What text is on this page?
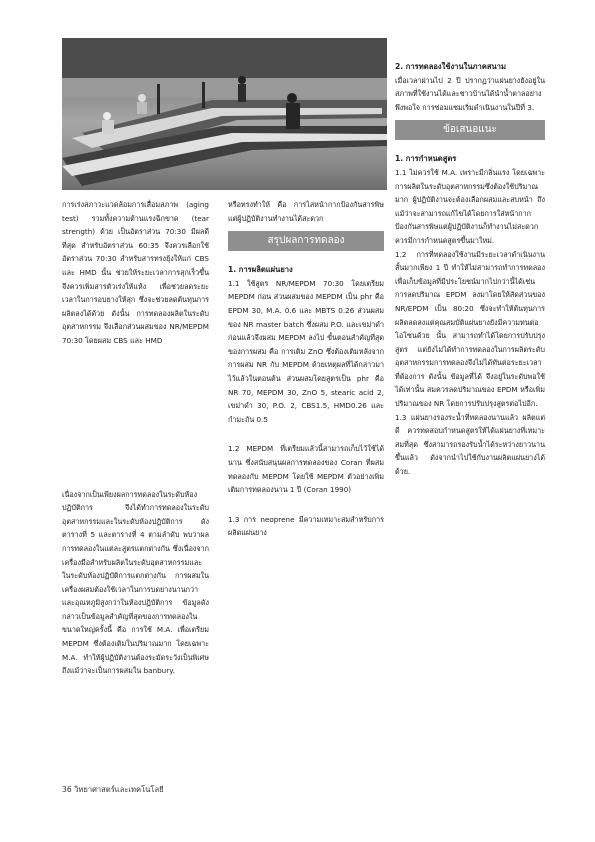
การเร่งสภาวะแวดล้อมการเสื่อมสภาพ (aging test) รวมทั้งความต้านแรงฉีกขาด (tear strength) ด้วย เป็นอัตราส่วน 70:30 มีผลดีที่สุด สำหรับอัตราส่วน 60:35 จึงควรเลือกใช้อัตราส่วน 70:30 สำหรับสารทรงยุ้งให้แก่ CBS และ HMD นั้น ช่วยให้ระยะเวลาการสุกเร็วขึ้น จึงควรเพิ่มสารตัวเร่งให้แห้ง เพื่อช่วยลดระยะเวลาในการอบยางให้สุก ซึ่งจะช่วยลดต้นทุนการผลิตลงได้ด้วย ดังนั้น การทดลองผลิตในระดับอุตสาหกรรม จึงเลือกส่วนผสมของ NR/MEPDM 70:30 โดยผสม CBS และ HMD

เนื่องจากเป็นเพียงผลการทดลองในระดับห้องปฏิบัติการ จึงได้ทำการทดลองในระดับอุตสาหกรรมและในระดับห้องปฏิบัติการ ดังตารางที่ 5 และตารางที่ 4 ตามลำดับ พบว่าผลการทดลองในแต่ละสูตรแตกต่างกัน ซึ่งเนื่องจากเครื่องมือสำหรับผลิตในระดับอุตสาหกรรมและในระดับห้องปฏิบัติการแตกต่างกัน การผสมในเครื่องผสมต้องใช้เวลาในการบดยางนานกว่า และอุณหภูมิสูงกว่าในห้องปฏิบัติการ ข้อมูลดังกล่าวเป็นข้อมูลสำคัญที่สุดของการทดลองในขนาดใหญ่ครั้งนี้ คือ การใช้ M.A. เพื่อเตรียม MEPDM ซึ่งต้องเติมในปริมาณมาก โดยเฉพาะ M.A. ทำให้ผู้ปฏิบัติงานต้องระมัดระวังเป็นพิเศษ ถึงแม้ว่าจะเป็นการผสมใน banbury.

หรือทรงทำให้ คือ การไล่หน้ากากป้องกันสารพิษ แต่ผู้ปฏิบัติงานทำงานได้สะดวก

สรุปผลการทดลอง

1. การผลิตแผ่นยาง

1.1 ใช้สูตร NR/MEPDM 70:30 โดยเตรียม MEPDM ก่อน ส่วนผสมของ MEPDM เป็น phr คือ EPDM 30, M.A. 0.6 และ MBTS 0.26 ส่วนผสมของ NR master batch ซึ่งผสม P.O. และเขม่าดำก่อนแล้วจึงผสม MEPDM ลงไป ขั้นตอนสำคัญที่สุดของการผสม คือ การเติม ZnO ซึ่งต้องเติมหลังจากการผสม NR กับ MEPDM ด้วยเหตุผลที่ได้กล่าวมาไว้แล้วในตอนต้น ส่วนผสมโดยสูตรเป็น phr คือ NR 70, MEPDM 30, ZnO 5, stearic acid 2, เขม่าดำ 30, P.O. 2, CBS1.5, HMD0.26 และกำมะถัน 0.5

1.2 MEPDM ที่เตรียมแล้วนี้สามารถเก็บไว้ใช้ได้นาน ซึ่งสนับสนุนผลการทดลองของ Coran ที่ผสมทดลองกับ MEPDM โดยใช้ MEPDM ตัวอย่างเพิ่มเติมการทดลองนาน 1 ปี (Coran 1990)

1.3 การ neoprene มีความเหมาะสมสำหรับการผลิตแผ่นยาง

2. การทดลองใช้งานในภาคสนาม

เมื่อเวลาผ่านไป 2 ปี ปรากฏว่าแผ่นยางยังอยู่ในสภาพที่ใช้งานได้และชาวบ้านได้นำน้ำตาลอย่างพึงพอใจ การซ่อมแซมเริ่มดำเนินงานในปีที่ 3.

ข้อเสนอแนะ

1. การกำหนดสูตร

1.1 ไม่ควรใช้ M.A. เพราะมีกลิ่นแรง โดยเฉพาะการผลิตในระดับอุตสาหกรรมซึ่งต้องใช้ปริมาณมาก ผู้ปฏิบัติงานจะต้องเลือกผสมและสบหน้า ถึงแม้ว่าจะสามารถแก้ไขได้โดยการใส่หน้ากากป้องกันสารพิษแต่ผู้ปฏิบัติงานก็ทำงานไม่สะดวก ควรมีการกำหนดสูตรขึ้นมาใหม่.

1.2 การที่ทดลองใช้งานมีระยะเวลาดำเนินงานสั้นมากเพียง 1 ปี ทำให้ไม่สามารถทำการทดลองเพื่อเก็บข้อมูลที่มีประโยชน์มากไปกว่านี้ได้เช่น การลดปริมาณ EPDM ลงมาโดยให้สัดส่วนของ NR/EPDM เป็น 80:20 ซึ่งจะทำให้ต้นทุนการผลิตลดลงแต่คุณสมบัติแผ่นยางยังมีความทนต่อโอโซนด้วย นั้น สามารถทำได้โดยการปรับปรุงสูตร แต่ยังไม่ได้ทำการทดลองในการผลิตระดับอุตสาหกรรมการทดลองจึงไม่ได้ทันต่อระยะเวลาที่ต้องการ ดังนั้น ข้อมูลที่ได้ จึงอยู่ในระดับพอใช้ได้เท่านั้น สมควรลดปริมาณของ EPDM หรือเพิ่มปริมาณของ NR โดยการปรับปรุงสูตรต่อไปอีก.

1.3 แผ่นยางรองระน้ำที่ทดลองนานแล้ว ผลิตแต่ดี ควรทดสอบกำหนดสูตรให้ได้แผ่นยางที่เหมาะสมที่สุด ซึ่งสามารถรองรับน้ำได้ระหว่างยาวนานขึ้นแล้ว ดังจากนำไปใช้กับงานผลิตแผ่นยางได้ด้วย.

36 วิทยาศาสตร์และเทคโนโลยี
